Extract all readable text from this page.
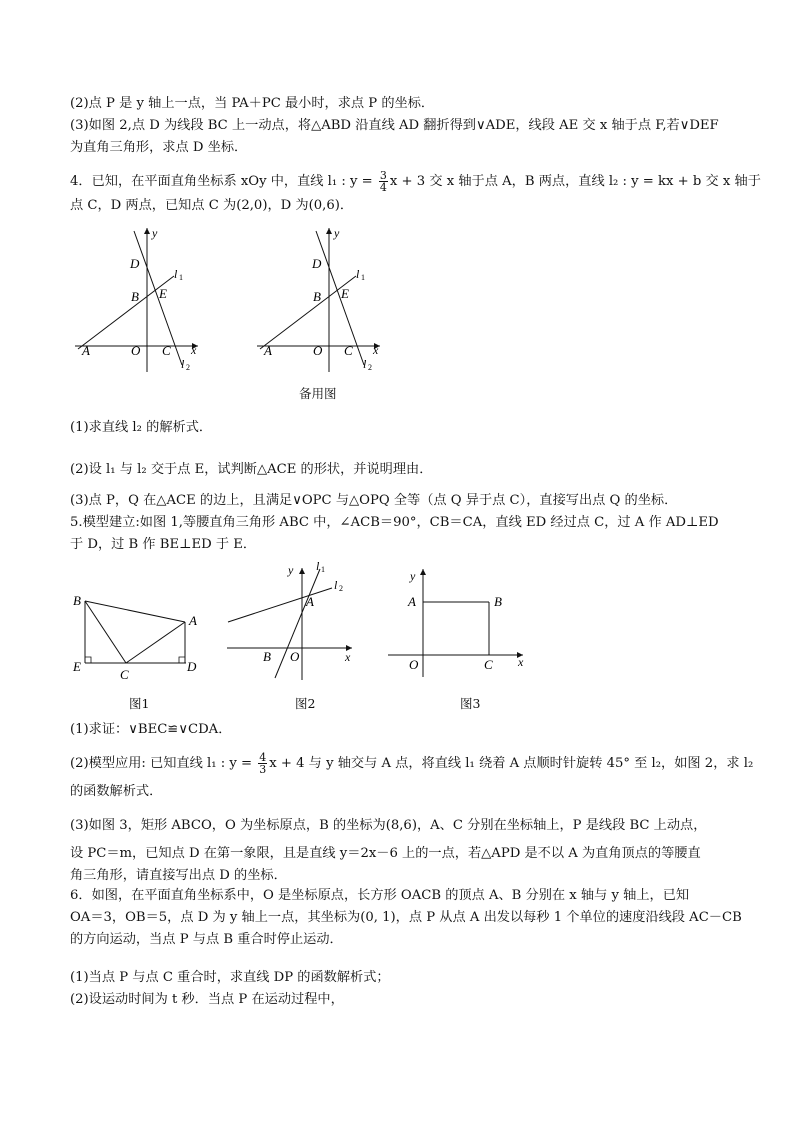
(2)点 P 是 y 轴上一点，当 PA＋PC 最小时，求点 P 的坐标．
(3)如图 2,点 D 为线段 BC 上一动点，将△ABD 沿直线 AD 翻折得到∨ADE，线段 AE 交 x 轴于点 F,若∨DEF
为直角三角形，求点 D 坐标．
4．已知，在平面直角坐标系 xOy 中，直线 l₁ : $y = \frac{3}{4}$ x + 3 交 x 轴于点 A，B 两点，直线 l₂ : y = kx + b 交 x 轴于
点 C，D 两点，已知点 C 为(2,0)，D 为(0,6)．
y
D
l 1
B E
A	O C x
l 2
y
D
l 1
B E
A	O C x
l 2
备用图
(1)求直线 l₂ 的解析式．
(2)设 l₁ 与 l₂ 交于点 E，试判断△ACE 的形状，并说明理由．
(3)点 P，Q 在△ACE 的边上，且满足∨OPC 与△OPQ 全等（点 Q 异于点 C），直接写出点 Q 的坐标．
5.模型建立:如图 1,等腰直角三角形 ABC 中，∠ACB＝90°，CB＝CA，直线 ED 经过点 C，过 A 作 AD⊥ED
于 D，过 B 作 BE⊥ED 于 E．
B
A
E
C
D
y l 1
l 2
A
B O	x
y
A	B
O	C x
图1	图2	图3
(1)求证：∨BEC≌∨CDA．
(2)模型应用: 已知直线 l₁ : $y = \frac{4}{3}$ x + 4 与 y 轴交与 A 点，将直线 l₁ 绕着 A 点顺时针旋转 45° 至 l₂，如图 2，求 l₂
的函数解析式．
(3)如图 3，矩形 ABCO，O 为坐标原点，B 的坐标为(8,6)，A、C 分别在坐标轴上，P 是线段 BC 上动点，
设 PC＝m，已知点 D 在第一象限，且是直线 y＝2x－6 上的一点，若△APD 是不以 A 为直角顶点的等腰直
角三角形，请直接写出点 D 的坐标．
6．如图，在平面直角坐标系中，O 是坐标原点，长方形 OACB 的顶点 A、B 分别在 x 轴与 y 轴上，已知
OA＝3，OB＝5，点 D 为 y 轴上一点，其坐标为(0, 1)，点 P 从点 A 出发以每秒 1 个单位的速度沿线段 AC－CB
的方向运动，当点 P 与点 B 重合时停止运动．
(1)当点 P 与点 C 重合时，求直线 DP 的函数解析式；
(2)设运动时间为 t 秒．当点 P 在运动过程中，
